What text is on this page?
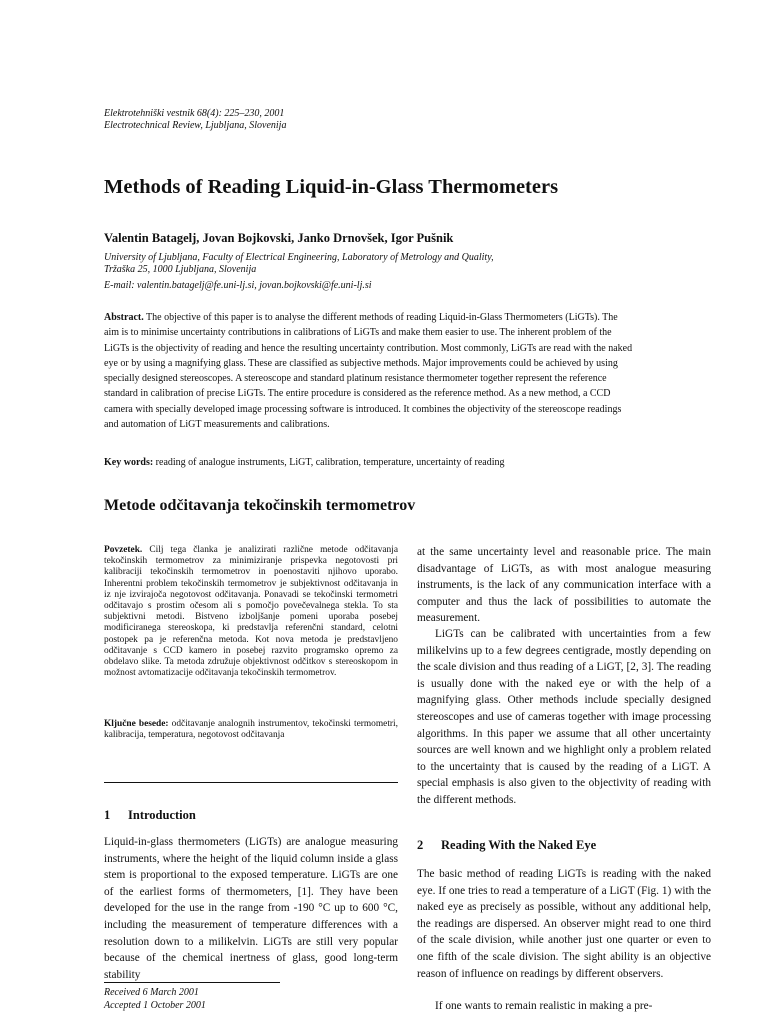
Elektrotehniški vestnik 68(4): 225–230, 2001
Electrotechnical Review, Ljubljana, Slovenija
Methods of Reading Liquid-in-Glass Thermometers
Valentin Batagelj, Jovan Bojkovski, Janko Drnovšek, Igor Pušnik
University of Ljubljana, Faculty of Electrical Engineering, Laboratory of Metrology and Quality,
Tržaška 25, 1000 Ljubljana, Slovenija
E-mail: valentin.batagelj@fe.uni-lj.si, jovan.bojkovski@fe.uni-lj.si

Abstract. The objective of this paper is to analyse the different methods of reading Liquid-in-Glass Thermometers (LiGTs). The aim is to minimise uncertainty contributions in calibrations of LiGTs and make them easier to use. The inherent problem of the LiGTs is the objectivity of reading and hence the resulting uncertainty contribution. Most commonly, LiGTs are read with the naked eye or by using a magnifying glass. These are classified as subjective methods. Major improvements could be achieved by using specially designed stereoscopes. A stereoscope and standard platinum resistance thermometer together represent the reference standard in calibration of precise LiGTs. The entire procedure is considered as the reference method. As a new method, a CCD camera with specially developed image processing software is introduced. It combines the objectivity of the stereoscope readings and automation of LiGT measurements and calibrations.

Key words: reading of analogue instruments, LiGT, calibration, temperature, uncertainty of reading
Metode odčitavanja tekočinskih termometrov

Povzetek. Cilj tega članka je analizirati različne metode odčitavanja tekočinskih termometrov za minimiziranje prispevka negotovosti pri kalibraciji tekočinskih termometrov in poenostaviti njihovo uporabo. Inherentni problem tekočinskih termometrov je subjektivnost odčitavanja in iz nje izvirajoča negotovost odčitavanja. Ponavadi se tekočinski termometri odčitavajo s prostim očesom ali s pomočjo povečevalnega stekla. To sta subjektivni metodi. Bistveno izboljšanje pomeni uporaba posebej modificiranega stereoskopa, ki predstavlja referenčni standard, celotni postopek pa je referenčna metoda. Kot nova metoda je predstavljeno odčitavanje s CCD kamero in posebej razvito programsko opremo za obdelavo slike. Ta metoda združuje objektivnost odčitkov s stereoskopom in možnost avtomatizacije odčitavanja tekočinskih termometrov.

Ključne besede: odčitavanje analognih instrumentov, tekočinski termometri, kalibracija, temperatura, negotovost odčitavanja

1 Introduction

Liquid-in-glass thermometers (LiGTs) are analogue measuring instruments, where the height of the liquid column inside a glass stem is proportional to the exposed temperature. LiGTs are one of the earliest forms of thermometers, [1]. They have been developed for the use in the range from -190 °C up to 600 °C, including the measurement of temperature differences with a resolution down to a milikelvin. LiGTs are still very popular because of the chemical inertness of glass, good long-term stability

at the same uncertainty level and reasonable price. The main disadvantage of LiGTs, as with most analogue measuring instruments, is the lack of any communication interface with a computer and thus the lack of possibilities to automate the measurement.

LiGTs can be calibrated with uncertainties from a few milikelvins up to a few degrees centigrade, mostly depending on the scale division and thus reading of a LiGT, [2, 3]. The reading is usually done with the naked eye or with the help of a magnifying glass. Other methods include specially designed stereoscopes and use of cameras together with image processing algorithms. In this paper we assume that all other uncertainty sources are well known and we highlight only a problem related to the uncertainty that is caused by the reading of a LiGT. A special emphasis is also given to the objectivity of reading with the different methods.

2 Reading With the Naked Eye

The basic method of reading LiGTs is reading with the naked eye. If one tries to read a temperature of a LiGT (Fig. 1) with the naked eye as precisely as possible, without any additional help, the readings are dispersed. An observer might read to one third of the scale division, while another just one quarter or even to one fifth of the scale division. The sight ability is an objective reason of influence on readings by different observers.

If one wants to remain realistic in making a pre-

Received 6 March 2001
Accepted 1 October 2001
